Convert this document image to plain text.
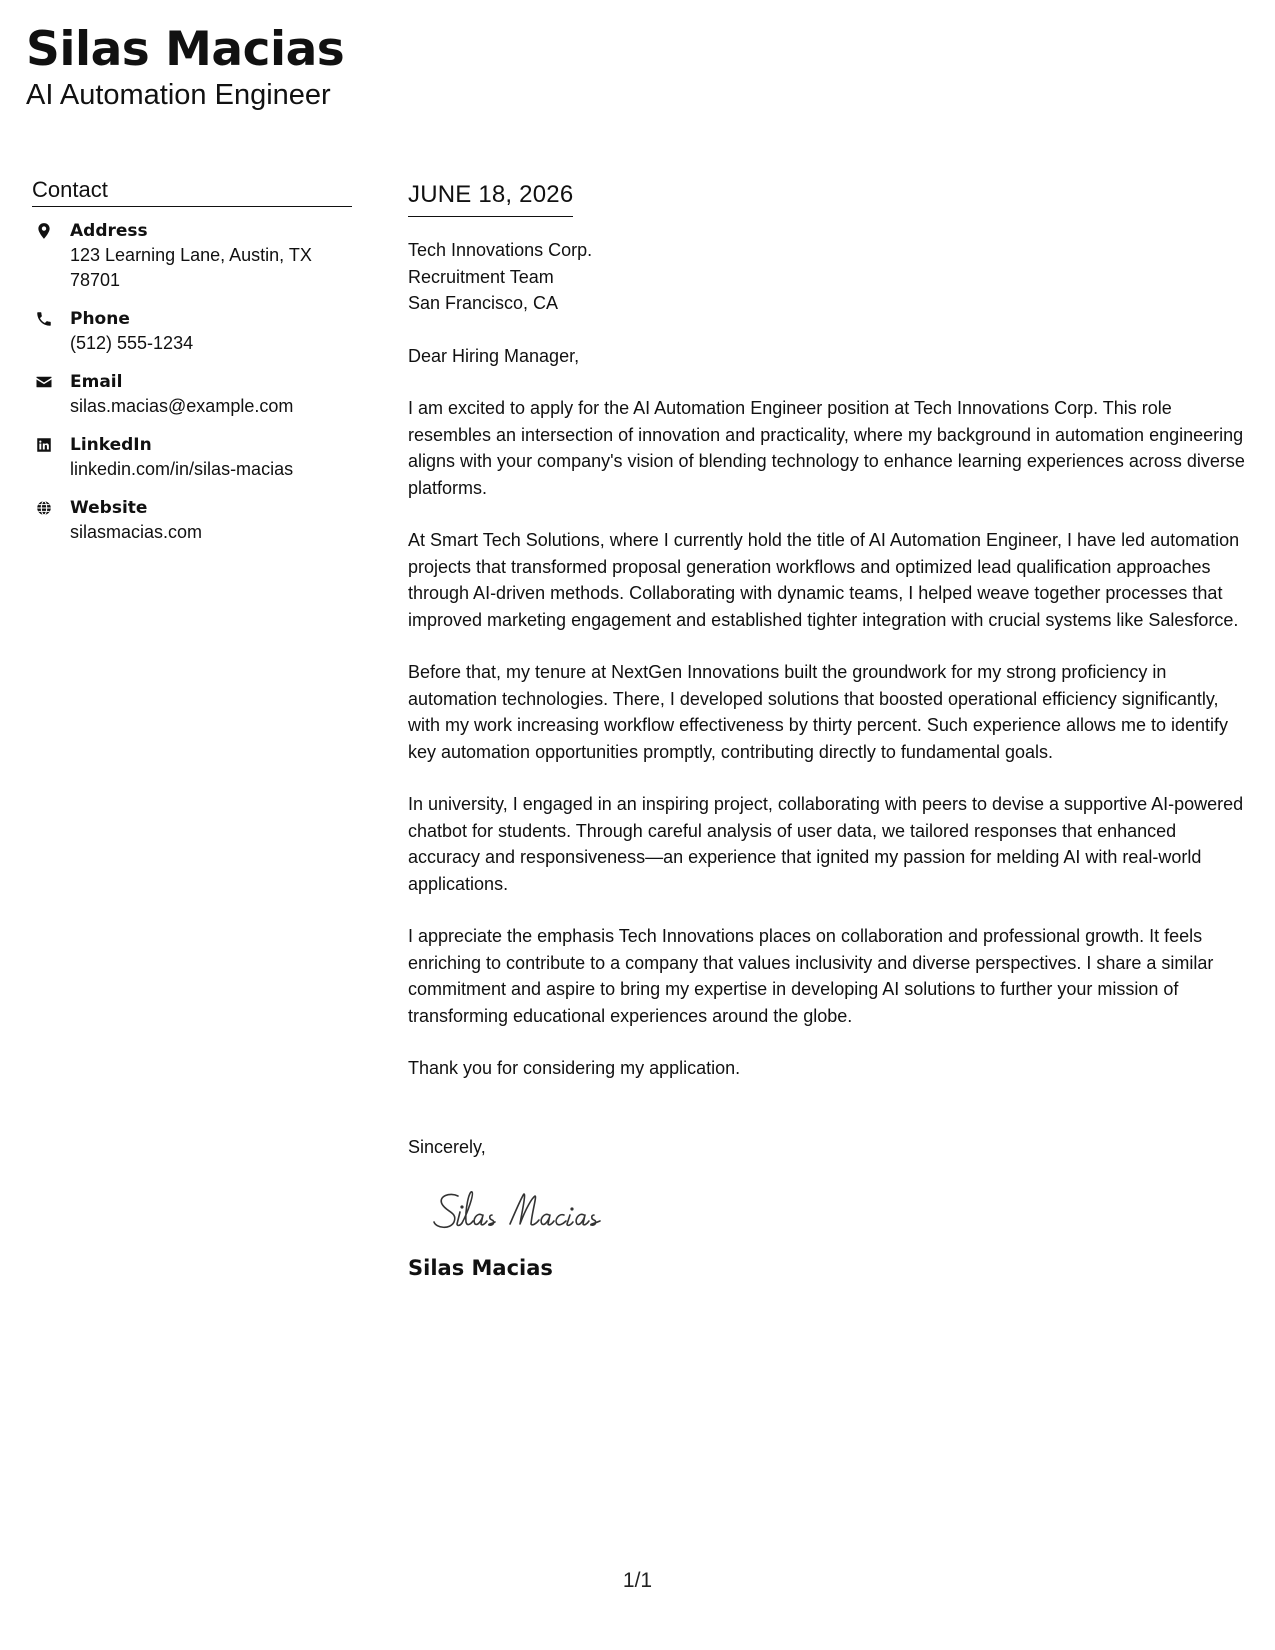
Silas Macias
AI Automation Engineer
Contact
Address
123 Learning Lane, Austin, TX 78701
Phone
(512) 555-1234
Email
silas.macias@example.com
LinkedIn
linkedin.com/in/silas-macias
Website
silasmacias.com
JUNE 18, 2026
Tech Innovations Corp.
Recruitment Team
San Francisco, CA
Dear Hiring Manager,
I am excited to apply for the AI Automation Engineer position at Tech Innovations Corp. This role resembles an intersection of innovation and practicality, where my background in automation engineering aligns with your company's vision of blending technology to enhance learning experiences across diverse platforms.
At Smart Tech Solutions, where I currently hold the title of AI Automation Engineer, I have led automation projects that transformed proposal generation workflows and optimized lead qualification approaches through AI-driven methods. Collaborating with dynamic teams, I helped weave together processes that improved marketing engagement and established tighter integration with crucial systems like Salesforce.
Before that, my tenure at NextGen Innovations built the groundwork for my strong proficiency in automation technologies. There, I developed solutions that boosted operational efficiency significantly, with my work increasing workflow effectiveness by thirty percent. Such experience allows me to identify key automation opportunities promptly, contributing directly to fundamental goals.
In university, I engaged in an inspiring project, collaborating with peers to devise a supportive AI-powered chatbot for students. Through careful analysis of user data, we tailored responses that enhanced accuracy and responsiveness—an experience that ignited my passion for melding AI with real-world applications.
I appreciate the emphasis Tech Innovations places on collaboration and professional growth. It feels enriching to contribute to a company that values inclusivity and diverse perspectives. I share a similar commitment and aspire to bring my expertise in developing AI solutions to further your mission of transforming educational experiences around the globe.
Thank you for considering my application.
Sincerely,
Silas Macias
1/1
